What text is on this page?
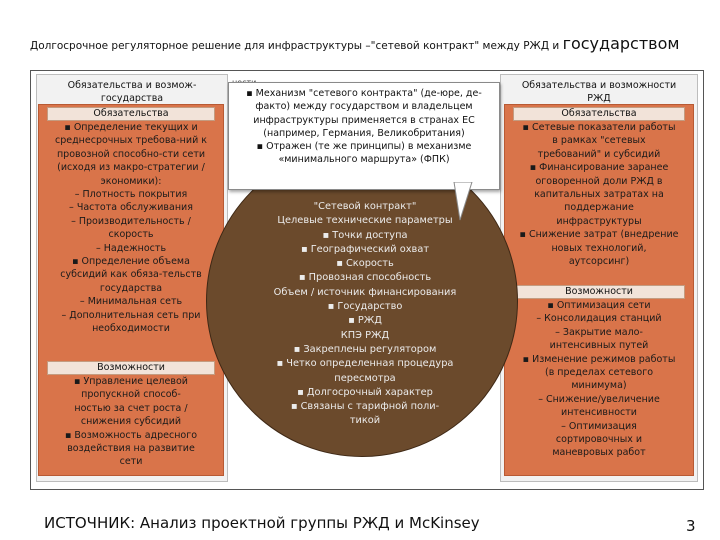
Долгосрочное регуляторное решение для инфраструктуры –"сетевой контракт" между РЖД и государством
Обязательства и возмож-
государства
Обязательства
▪ Определение текущих и
среднесрочных требова-ний к
провозной способно-сти сети
(исходя из макро-стратегии /
экономики):
– Плотность покрытия
– Частота обслуживания
– Производительность /
скорость
– Надежность
▪ Определение объема
субсидий как обяза-тельств
государства
– Минимальная сеть
– Дополнительная сеть при
необходимости
Возможности
▪ Управление целевой
пропускной способ-
ностью за счет роста /
снижения субсидий
▪ Возможность адресного
воздействия на развитие
сети
Обязательства и возможности
РЖД
Обязательства
▪ Сетевые показатели работы
в рамках "сетевых
требований" и субсидий
▪ Финансирование заранее
оговоренной доли РЖД в
капитальных затратах на
поддержание
инфраструктуры
▪ Снижение затрат (внедрение
новых технологий,
аутсорсинг)
Возможности
▪ Оптимизация сети
– Консолидация станций
– Закрытие мало-
интенсивных путей
▪ Изменение режимов работы
(в пределах сетевого
минимума)
– Снижение/увеличение
интенсивности
– Оптимизация
сортировочных и
маневровых работ
"Сетевой контракт"
Целевые технические параметры
▪ Точки доступа
▪ Географический охват
▪ Скорость
▪ Провозная способность
Объем / источник финансирования
▪ Государство
▪ РЖД
КПЭ РЖД
▪ Закреплены регулятором
▪ Четко определенная процедура
пересмотра
▪ Долгосрочный характер
▪ Связаны с тарифной поли-
тикой
▪ Механизм "сетевого контракта" (де-юре, де-
факто) между государством и владельцем
инфраструктуры применяется в странах ЕС
(например, Германия, Великобритания)
▪ Отражен (те же принципы) в механизме
«минимального маршрута» (ФПК)
ИСТОЧНИК: Анализ проектной группы РЖД и McKinsey	3
